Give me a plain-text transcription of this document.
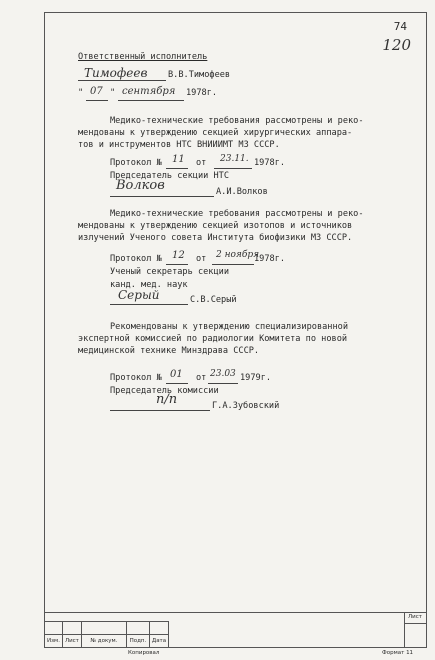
74
120
Ответственный исполнитель
Тимофеев В.В.Тимофеев
" 07 " сентября 1978г.
Медико-технические требования рассмотрены и реко-
мендованы к утверждению секцией хирургических аппара-
тов и инструментов НТС ВНИИИМТ МЗ СССР.
Протокол № 11 от 23.11. 1978г.
Председатель секции НТС
Волков	А.И.Волков
Медико-технические требования рассмотрены и реко-
мендованы к утверждению секцией изотопов и источников
излучений Ученого совета Института биофизики МЗ СССР.
Протокол № 12 от 2 ноября
1978г.
Ученый секретарь секции
канд. мед. наук
Серый	С.В.Серый
Рекомендованы к утверждению специализированной
экспертной комиссией по радиологии Комитета по новой
медицинской технике Минздрава СССР.
Протокол № 01 от 23.03 1979г.
Председатель комиссии
п/п	Г.А.Зубовский
Лист

Изм.	Лист	№ докум.	Подп.	Дата
Копировал	Формат 11
